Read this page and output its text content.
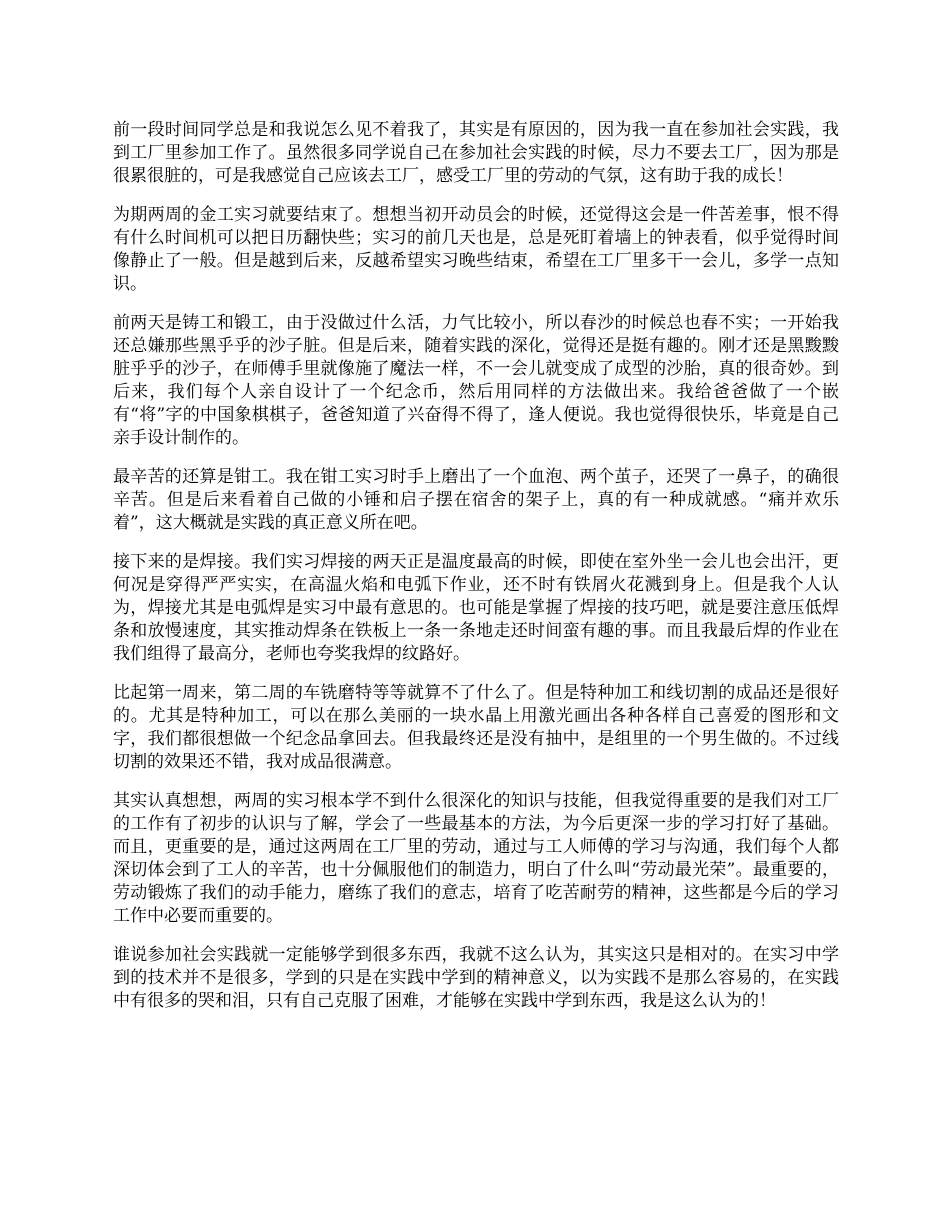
前一段时间同学总是和我说怎么见不着我了，其实是有原因的，因为我一直在参加社会实践，我到工厂里参加工作了。虽然很多同学说自己在参加社会实践的时候，尽力不要去工厂，因为那是很累很脏的，可是我感觉自己应该去工厂，感受工厂里的劳动的气氛，这有助于我的成长！

为期两周的金工实习就要结束了。想想当初开动员会的时候，还觉得这会是一件苦差事，恨不得有什么时间机可以把日历翻快些；实习的前几天也是，总是死盯着墙上的钟表看，似乎觉得时间像静止了一般。但是越到后来，反越希望实习晚些结束，希望在工厂里多干一会儿，多学一点知识。

前两天是铸工和锻工，由于没做过什么活，力气比较小，所以春沙的时候总也春不实；一开始我还总嫌那些黑乎乎的沙子脏。但是后来，随着实践的深化，觉得还是挺有趣的。刚才还是黑黢黢脏乎乎的沙子，在师傅手里就像施了魔法一样，不一会儿就变成了成型的沙胎，真的很奇妙。到后来，我们每个人亲自设计了一个纪念币，然后用同样的方法做出来。我给爸爸做了一个嵌有“将”字的中国象棋棋子，爸爸知道了兴奋得不得了，逢人便说。我也觉得很快乐，毕竟是自己亲手设计制作的。

最辛苦的还算是钳工。我在钳工实习时手上磨出了一个血泡、两个茧子，还哭了一鼻子，的确很辛苦。但是后来看着自己做的小锤和启子摆在宿舍的架子上，真的有一种成就感。“痛并欢乐着”，这大概就是实践的真正意义所在吧。

接下来的是焊接。我们实习焊接的两天正是温度最高的时候，即使在室外坐一会儿也会出汗，更何况是穿得严严实实，在高温火焰和电弧下作业，还不时有铁屑火花溅到身上。但是我个人认为，焊接尤其是电弧焊是实习中最有意思的。也可能是掌握了焊接的技巧吧，就是要注意压低焊条和放慢速度，其实推动焊条在铁板上一条一条地走还时间蛮有趣的事。而且我最后焊的作业在我们组得了最高分，老师也夸奖我焊的纹路好。

比起第一周来，第二周的车铣磨特等等就算不了什么了。但是特种加工和线切割的成品还是很好的。尤其是特种加工，可以在那么美丽的一块水晶上用激光画出各种各样自己喜爱的图形和文字，我们都很想做一个纪念品拿回去。但我最终还是没有抽中，是组里的一个男生做的。不过线切割的效果还不错，我对成品很满意。

其实认真想想，两周的实习根本学不到什么很深化的知识与技能，但我觉得重要的是我们对工厂的工作有了初步的认识与了解，学会了一些最基本的方法，为今后更深一步的学习打好了基础。而且，更重要的是，通过这两周在工厂里的劳动，通过与工人师傅的学习与沟通，我们每个人都深切体会到了工人的辛苦，也十分佩服他们的制造力，明白了什么叫“劳动最光荣”。最重要的，劳动锻炼了我们的动手能力，磨练了我们的意志，培育了吃苦耐劳的精神，这些都是今后的学习工作中必要而重要的。

谁说参加社会实践就一定能够学到很多东西，我就不这么认为，其实这只是相对的。在实习中学到的技术并不是很多，学到的只是在实践中学到的精神意义，以为实践不是那么容易的，在实践中有很多的哭和泪，只有自己克服了困难，才能够在实践中学到东西，我是这么认为的！
